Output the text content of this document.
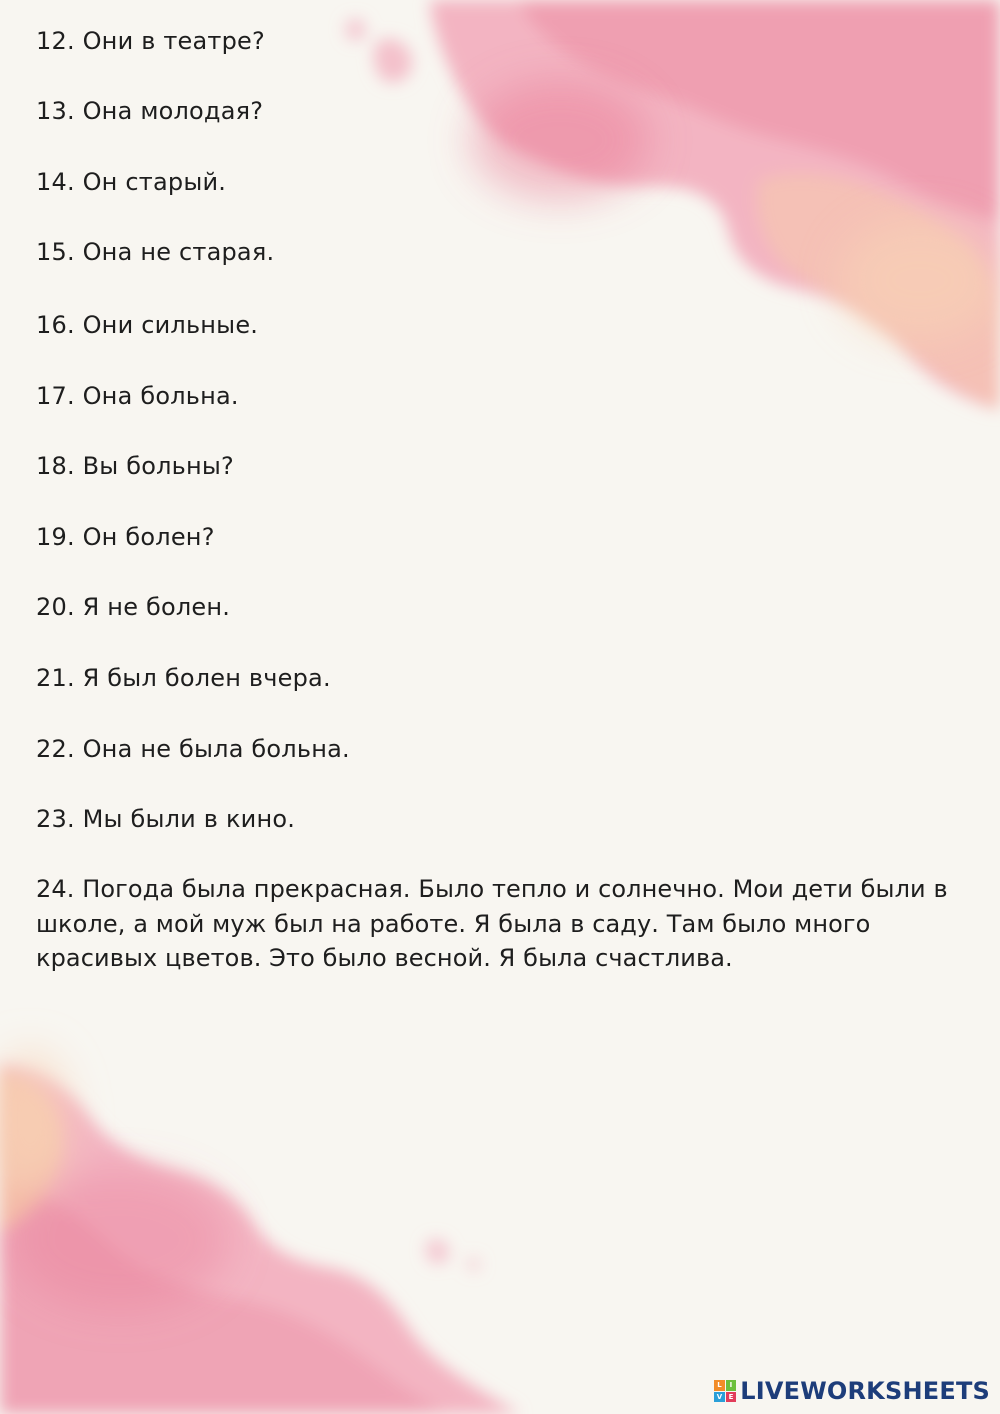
12. Они в театре?
13. Она молодая?
14. Он старый.
15. Она не старая.
16. Они сильные.
17. Она больна.
18. Вы больны?
19. Он болен?
20. Я не болен.
21. Я был болен вчера.
22. Она не была больна.
23. Мы были в кино.
24. Погода была прекрасная. Было тепло и солнечно. Мои дети были в школе, а мой муж был на работе. Я была в саду. Там было много красивых цветов. Это было весной. Я была счастлива.
L	I
V E LIVEWORKSHEETS
